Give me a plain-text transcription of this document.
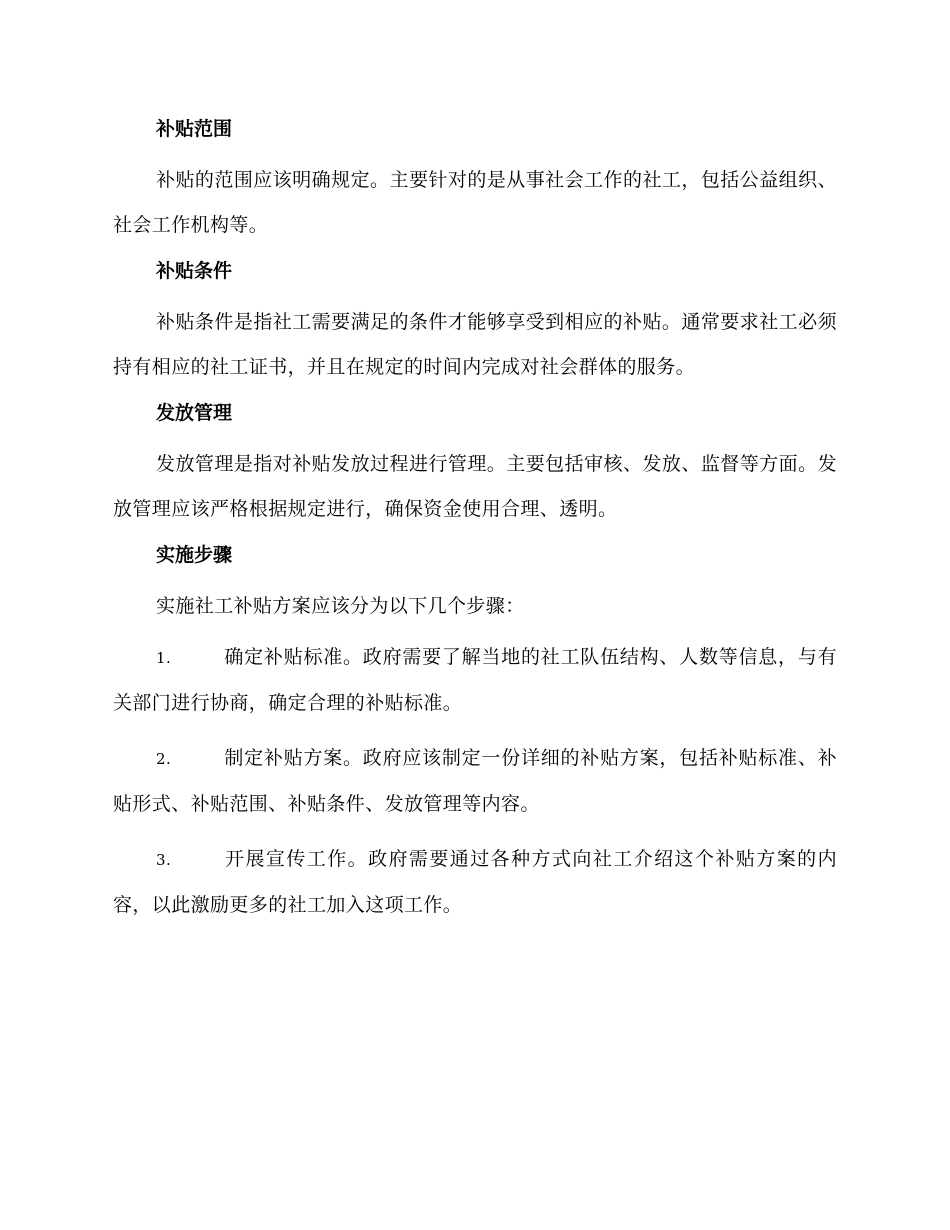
补贴范围

补贴的范围应该明确规定。主要针对的是从事社会工作的社工，包括公益组织、社会工作机构等。

补贴条件

补贴条件是指社工需要满足的条件才能够享受到相应的补贴。通常要求社工必须持有相应的社工证书，并且在规定的时间内完成对社会群体的服务。

发放管理

发放管理是指对补贴发放过程进行管理。主要包括审核、发放、监督等方面。发放管理应该严格根据规定进行，确保资金使用合理、透明。

实施步骤

实施社工补贴方案应该分为以下几个步骤：

1.	确定补贴标准。政府需要了解当地的社工队伍结构、人数等信息，与有关部门进行协商，确定合理的补贴标准。
2.	制定补贴方案。政府应该制定一份详细的补贴方案，包括补贴标准、补贴形式、补贴范围、补贴条件、发放管理等内容。
3.	开展宣传工作。政府需要通过各种方式向社工介绍这个补贴方案的内容，以此激励更多的社工加入这项工作。
